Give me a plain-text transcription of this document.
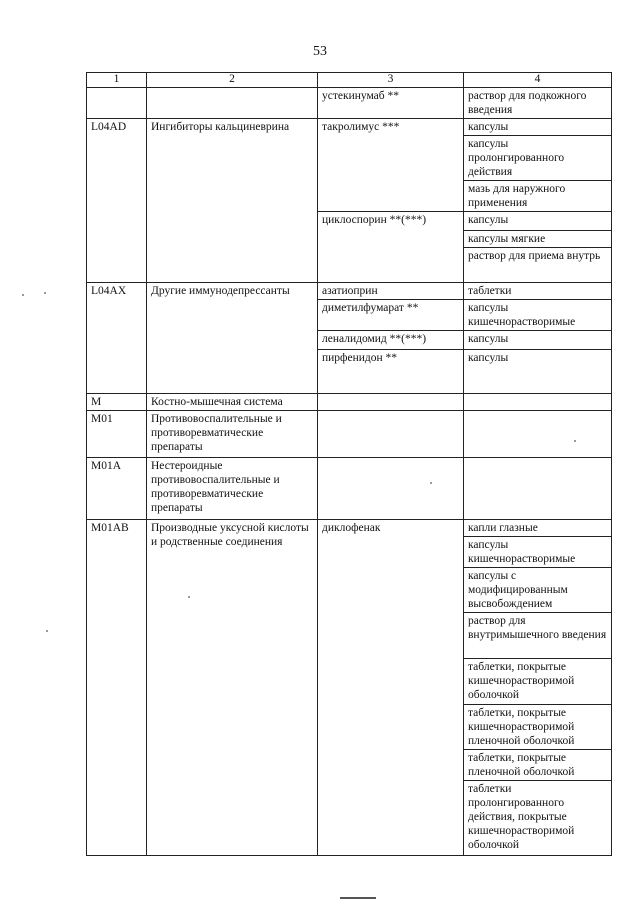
53
1	2	3	4
		устекинумаб **	раствор для подкожного введения
L04AD	Ингибиторы кальциневрина	такролимус ***	капсулы
			капсулы пролонгированного действия
			мазь для наружного применения
		циклоспорин **(***)	капсулы
			капсулы мягкие
			раствор для приема внутрь
L04AX	Другие иммунодепрессанты	азатиоприн	таблетки
		диметилфумарат **	капсулы кишечнорастворимые
		леналидомид **(***)	капсулы
		пирфенидон **	капсулы
M	Костно-мышечная система		
M01	Противовоспалительные и противоревматические препараты		
M01A	Нестероидные противовоспалительные и противоревматические препараты		
M01AB	Производные уксусной кислоты и родственные соединения	диклофенак	капли глазные
			капсулы кишечнорастворимые
			капсулы с модифицированным высвобождением
			раствор для внутримышечного введения
			таблетки, покрытые кишечнорастворимой оболочкой
			таблетки, покрытые кишечнорастворимой пленочной оболочкой
			таблетки, покрытые пленочной оболочкой
			таблетки пролонгированного действия, покрытые кишечнорастворимой оболочкой
